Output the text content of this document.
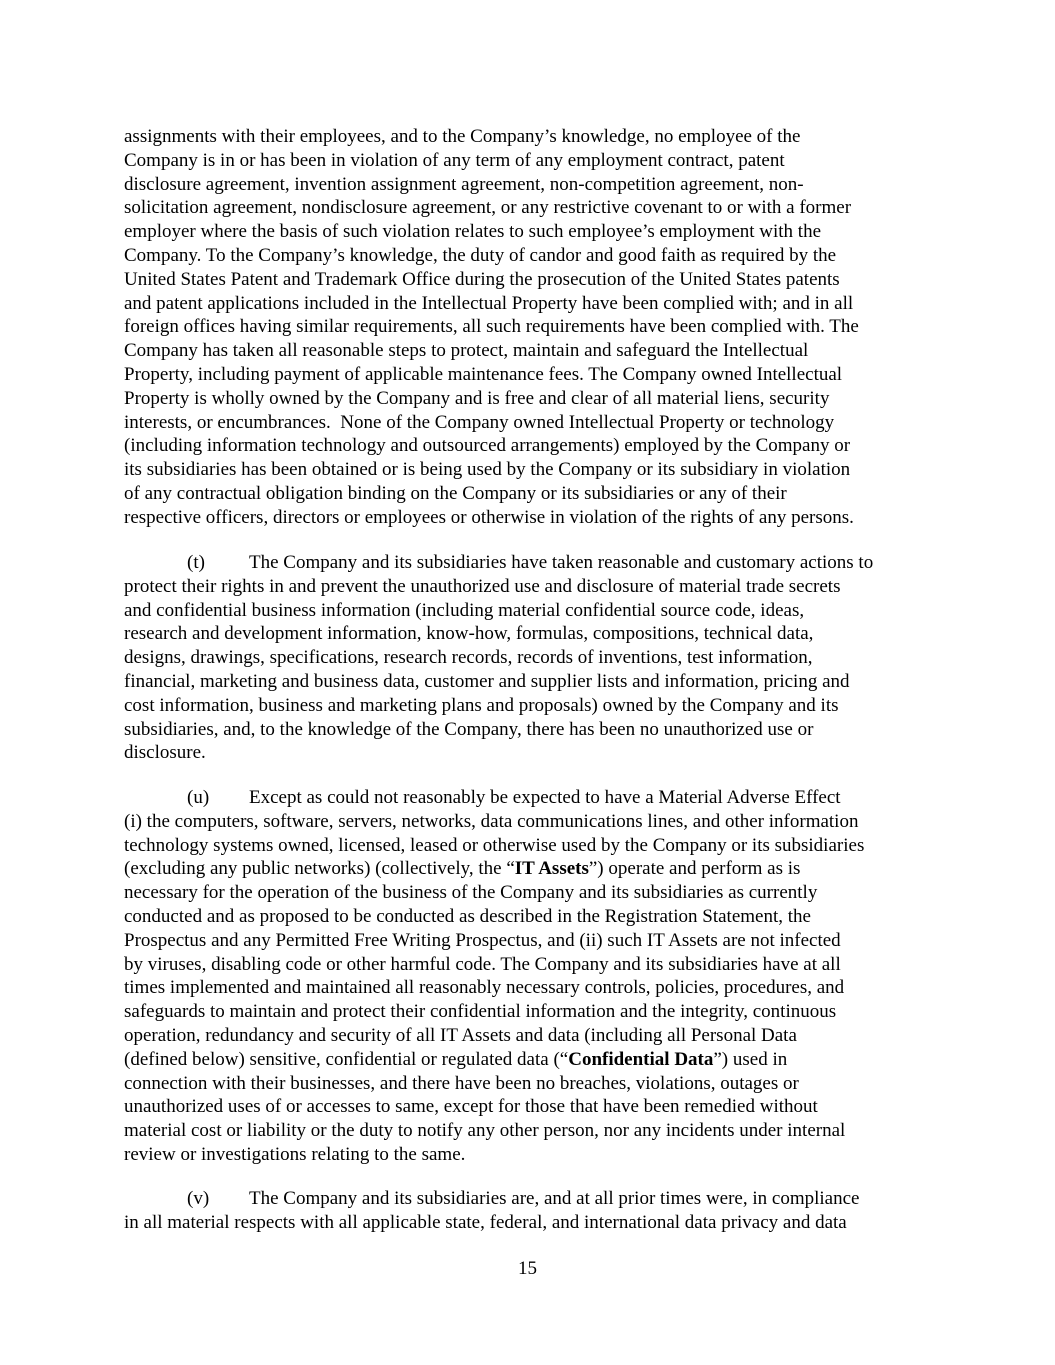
assignments with their employees, and to the Company’s knowledge, no employee of the
Company is in or has been in violation of any term of any employment contract, patent
disclosure agreement, invention assignment agreement, non-competition agreement, non-
solicitation agreement, nondisclosure agreement, or any restrictive covenant to or with a former
employer where the basis of such violation relates to such employee’s employment with the
Company. To the Company’s knowledge, the duty of candor and good faith as required by the
United States Patent and Trademark Office during the prosecution of the United States patents
and patent applications included in the Intellectual Property have been complied with; and in all
foreign offices having similar requirements, all such requirements have been complied with. The
Company has taken all reasonable steps to protect, maintain and safeguard the Intellectual
Property, including payment of applicable maintenance fees. The Company owned Intellectual
Property is wholly owned by the Company and is free and clear of all material liens, security
interests, or encumbrances.  None of the Company owned Intellectual Property or technology
(including information technology and outsourced arrangements) employed by the Company or
its subsidiaries has been obtained or is being used by the Company or its subsidiary in violation
of any contractual obligation binding on the Company or its subsidiaries or any of their
respective officers, directors or employees or otherwise in violation of the rights of any persons.
(t) The Company and its subsidiaries have taken reasonable and customary actions to
protect their rights in and prevent the unauthorized use and disclosure of material trade secrets
and confidential business information (including material confidential source code, ideas,
research and development information, know-how, formulas, compositions, technical data,
designs, drawings, specifications, research records, records of inventions, test information,
financial, marketing and business data, customer and supplier lists and information, pricing and
cost information, business and marketing plans and proposals) owned by the Company and its
subsidiaries, and, to the knowledge of the Company, there has been no unauthorized use or
disclosure.
(u) Except as could not reasonably be expected to have a Material Adverse Effect
(i) the computers, software, servers, networks, data communications lines, and other information
technology systems owned, licensed, leased or otherwise used by the Company or its subsidiaries
(excluding any public networks) (collectively, the “IT Assets”) operate and perform as is
necessary for the operation of the business of the Company and its subsidiaries as currently
conducted and as proposed to be conducted as described in the Registration Statement, the
Prospectus and any Permitted Free Writing Prospectus, and (ii) such IT Assets are not infected
by viruses, disabling code or other harmful code. The Company and its subsidiaries have at all
times implemented and maintained all reasonably necessary controls, policies, procedures, and
safeguards to maintain and protect their confidential information and the integrity, continuous
operation, redundancy and security of all IT Assets and data (including all Personal Data
(defined below) sensitive, confidential or regulated data (“Confidential Data”) used in
connection with their businesses, and there have been no breaches, violations, outages or
unauthorized uses of or accesses to same, except for those that have been remedied without
material cost or liability or the duty to notify any other person, nor any incidents under internal
review or investigations relating to the same.
(v) The Company and its subsidiaries are, and at all prior times were, in compliance
in all material respects with all applicable state, federal, and international data privacy and data
15
